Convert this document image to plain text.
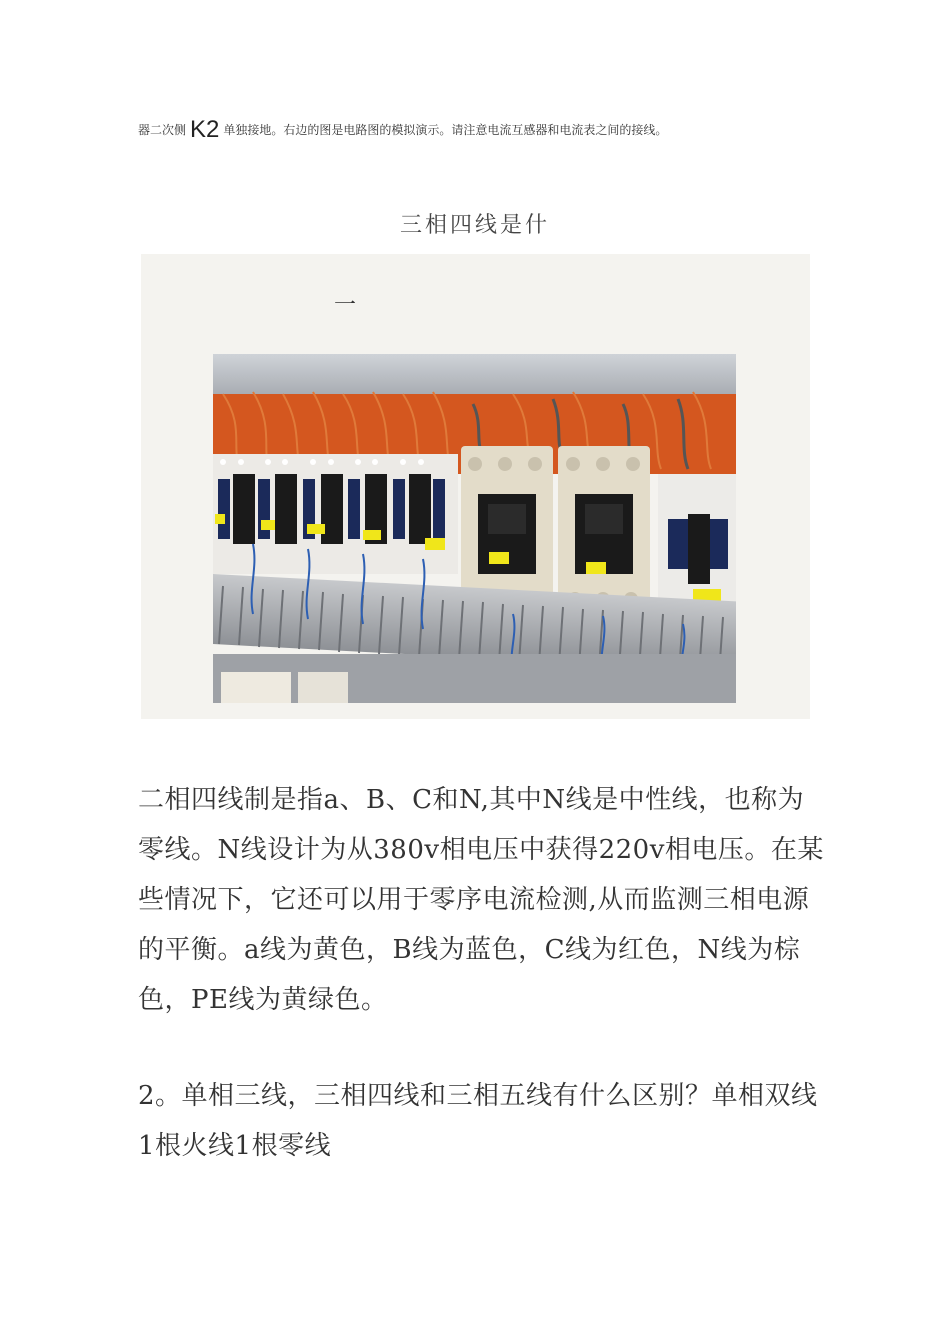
器二次侧 K2 单独接地。右边的图是电路图的模拟演示。请注意电流互感器和电流表之间的接线。
三相四线是什
一

二相四线制是指a、B、C和N,其中N线是中性线，也称为零线。N线设计为从380v相电压中获得220v相电压。在某些情况下，它还可以用于零序电流检测,从而监测三相电源的平衡。a线为黄色，B线为蓝色，C线为红色，N线为棕色，PE线为黄绿色。

2。单相三线，三相四线和三相五线有什么区别？单相双线1根火线1根零线
